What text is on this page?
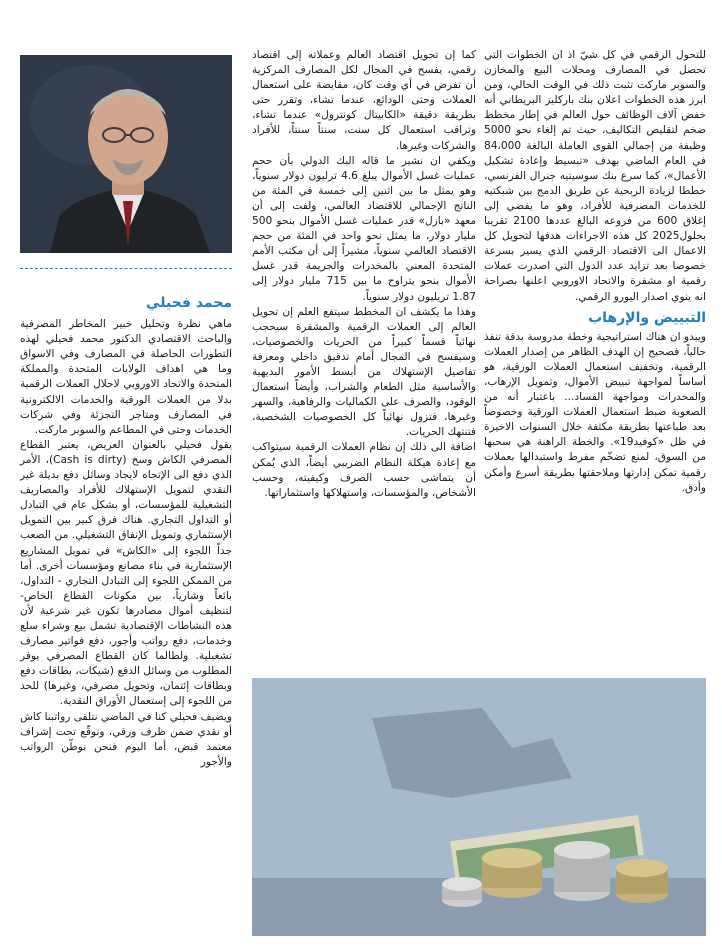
للتحول الرقمي في كل شيّ اذ ان الخطوات التي تحصل في المصارف ومحلات البيع والمخازن والسوبر ماركت تثبت ذلك في الوقت الحالي، ومن ابرز هذه الخطوات اعلان بنك باركليز البريطاني أنه خفض آلاف الوظائف حول العالم في إطار مخطط ضخم لتقليص التكاليف، حيث تم إلغاء نحو 5000 وظيفة من إجمالي القوى العاملة البالغة 84،000 في العام الماضي بهدف «تبسيط وإعادة تشكيل الأعمال»، كما سرع بنك سوسيتيه جنرال الفرنسي، خططا لزيادة الربحية عن طريق الدمج بين شبكتيه للخدمات المصرفية للأفراد، وهو ما يفضي إلى إغلاق 600 من فروعه البالغ عددها 2100 تقريبا بحلول2025 كل هذه الاجراءات هدفها لتحويل كل الاعمال الى الاقتصاد الرقمي الذي يسير بسرعة خصوصا بعد تزايد عدد الدول التي اصدرت عملات رقمية او مشفرة والاتحاد الاوروبي اعلنها بصراحة انه ينوي اصدار اليورو الرقمي.

التبييض والإرهاب

ويبدو ان هناك استراتيجية وخطة مدروسة بدقة تنفذ حالياً، فصحيح إن الهدف الظاهر من إصدار العملات الرقمية، وتخفيف استعمال العملات الورقية، هو أساساً لمواجهة تبييض الأموال، وتمويل الإرهاب، والمخدرات ومواجهة الفساد... باعتبار أنه من الصعوبة ضبط استعمال العملات الورقية وخصوصاً بعد طباعتها بطريقة مكثفة خلال السنوات الاخيرة في ظل «كوفيد19». والخطة الراهنة هي سحبها من السوق، لمنع تضخّم مفرط واستبدالها بعملات رقمية تمكن إدارتها وملاحقتها بطريقة أسرع وأمكن وأدق.

كما إن تحويل اقتصاد العالم وعملاته إلى اقتصاد رقمي، يفسح في المجال لكل المصارف المركزية أن تفرض في أي وقت كان، مقايضة على استعمال العملات وحتى الودائع، عندما تشاء، وتقرر حتى بطريقة دقيقة «الكابيتال كونترول» عندما تشاء، وتراقب استعمال كل سنت، سنتاً سنتاً، للأفراد والشركات وغيرها.

ويكفي ان نشير ما قاله البك الدولي بأن حجم عمليات غسل الأموال يبلغ 4.6 ترليون دولار سنوياً، وهو يمثل ما بين اثنين إلى خمسة في المئة من الناتج الإجمالي للاقتصاد العالمي، ولفت إلى أن معهد «بازل» قدر عمليات غسل الأموال بنحو 500 مليار دولار، ما يمثل نحو واحد في المئة من حجم الاقتصاد العالمي سنوياً، مشيراً إلى أن مكتب الأمم المتحدة المعني بالمخدرات والجريمة قدر غسل الأموال بنحو يتراوح ما بين 715 مليار دولار إلى 1.87 تريليون دولار سنوياً.

وهذا ما يكشف ان المخطط سيتفع العلم إن تحويل العالم إلى العملات الرقمية والمشفرة سيحجب نهائياً قسماً كبيراً من الحريات والخصوصيات، وسيفسح في المجال أمام تدقيق داخلي ومعرفة تفاصيل الإستهلاك من أبسط الأمور البديهية والأساسية مثل الطعام والشراب، وأيضاً استعمال الوقود، والصرف على الكماليات والرفاهية، والسهر وغيرها، فتزول نهائياً كل الخصوصيات الشخصية، فتنتهك الحريات.

اضافة الى ذلك إن نظام العملات الرقمية سيتواكب مع إعادة هيكلة النظام الضريبي أيضاً، الذي يُمكن أن يتماشى حسب الصرف وكيفيته، وحسب الأشخاص، والمؤسسات، واستهلاكها واستثماراتها.

محمد فحيلي	محمد فحيلي

ماهي نظرة وتحليل خبير المخاطر المصرفية والباحث الاقتصادي الدكتور محمد فحيلي لهذه التطورات الحاصلة في المصارف وفي الاسواق وما هي اهداف الولايات المتحدة والمملكة المتحدة والاتحاد الاوروبي لاحلال العملات الرقمية بدلا من العملات الورقية والخدمات الالكترونية في المصارف ومتاجر التجزئة وفي شركات الخدمات وحتى في المطاعم والسوبر ماركت.

يقول فحيلي بالعنوان العريض، يعتبر القطاع المصرفي الكاش وسخ (Cash is dirty)، الأمر الذي دفع الى الإتجاه لايجاد وسائل دفع بديلة غير النقدي لتمويل الإستهلاك للأفراد والمصاريف التشغيلية للمؤسسات، أو بشكل عام في التبادل أو التداول التجاري. هناك فرق كبير بين التمويل الإستثماري وتمويل الإنفاق التشغيلي. من الصعب جداً اللجوء إلى «الكاش» في تمويل المشاريع الإستثمارية في بناء مصانع ومؤسسات أخرى. أما من الممكن اللجوء إلى التبادل التجاري - التداول، بائعاً وشارياً، بين مكونات القطاع الخاص- لتنظيف أموال مصادرها تكون غير شرعية لأن هذه النشاطات الإقتصادية تشمل بيع وشراء سلع وخدمات، دفع رواتب وأجور، دفع فواتير مصارف تشغيلية. ولطالما كان القطاع المصرفي يوفر المطلوب من وسائل الدفع (شيكات، بطاقات دفع وبطاقات إئتمان، وتحويل مصرفي، وغيرها) للحد من اللجوء إلى إستعمال الأوراق النقدية.

ويضيف فحيلي كنا في الماضي نتلقى رواتبنا كاش أو نقدي ضمن ظرف ورقي، ونوقّع تحت إشراف معتمد قبض، أما اليوم فنحن نوطّن الرواتب والأجور
